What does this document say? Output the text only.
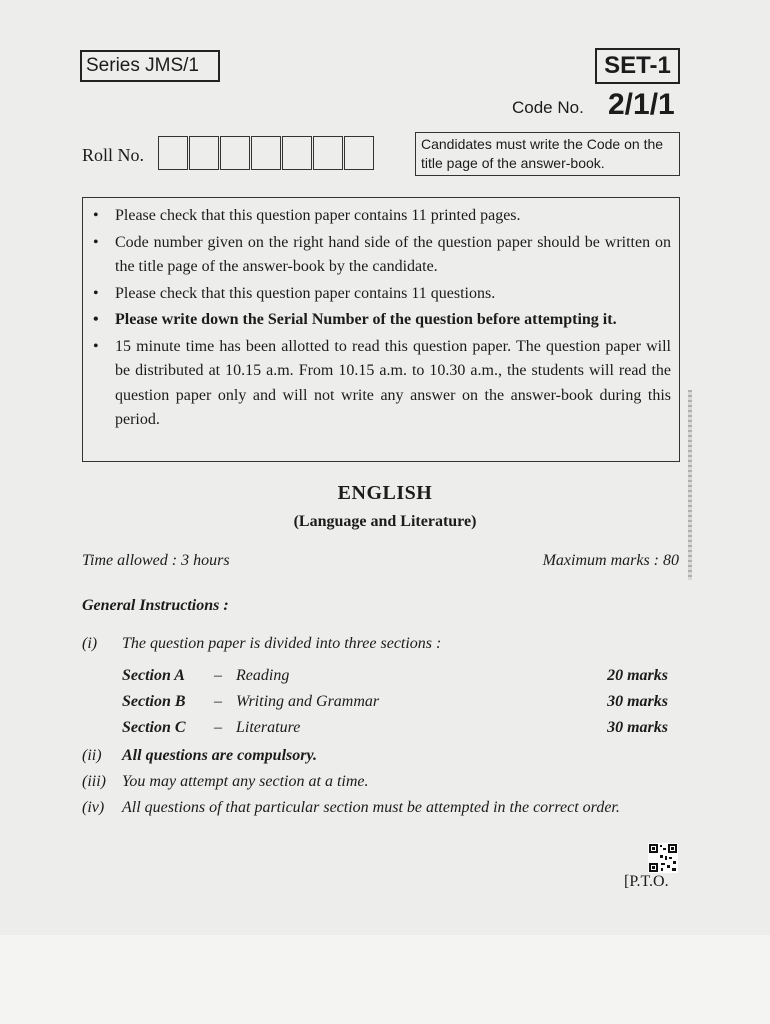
Series JMS/1	SET-1
Code No. 2/1/1
Roll No.
Candidates must write the Code on the title page of the answer-book.
• Please check that this question paper contains 11 printed pages.
• Code number given on the right hand side of the question paper should be written on the title page of the answer-book by the candidate.
• Please check that this question paper contains 11 questions.
• Please write down the Serial Number of the question before attempting it.
• 15 minute time has been allotted to read this question paper. The question paper will be distributed at 10.15 a.m. From 10.15 a.m. to 10.30 a.m., the students will read the question paper only and will not write any answer on the answer-book during this period.
ENGLISH
(Language and Literature)
Time allowed : 3 hours	Maximum marks : 80
General Instructions :
(i) The question paper is divided into three sections :
Section A – Reading	20 marks
Section B – Writing and Grammar	30 marks
Section C – Literature	30 marks
(ii) All questions are compulsory.
(iii) You may attempt any section at a time.
(iv) All questions of that particular section must be attempted in the correct order.
[P.T.O.
